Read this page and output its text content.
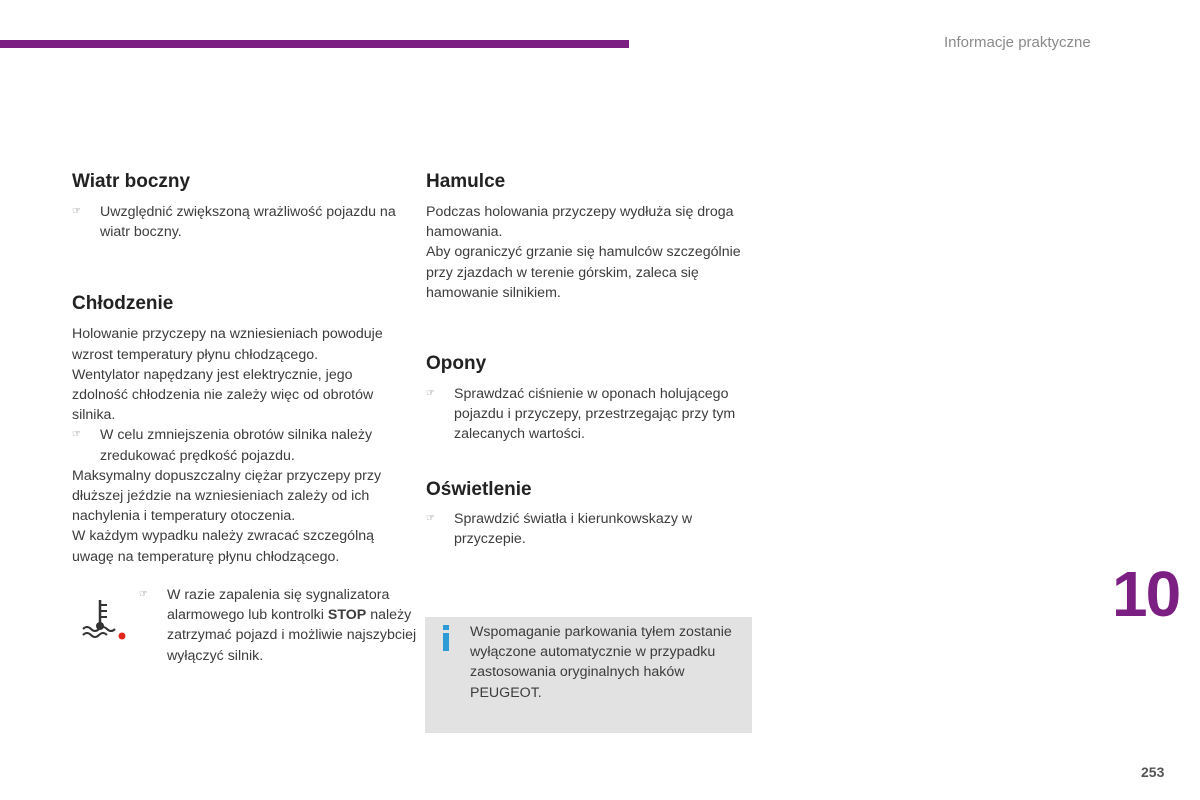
Informacje praktyczne
Wiatr boczny
☞ Uwzględnić zwiększoną wrażliwość pojazdu na wiatr boczny.
Chłodzenie

Holowanie przyczepy na wzniesieniach powoduje wzrost temperatury płynu chłodzącego.

Wentylator napędzany jest elektrycznie, jego zdolność chłodzenia nie zależy więc od obrotów silnika.

☞ W celu zmniejszenia obrotów silnika należy zredukować prędkość pojazdu.

Maksymalny dopuszczalny ciężar przyczepy przy dłuższej jeździe na wzniesieniach zależy od ich nachylenia i temperatury otoczenia.

W każdym wypadku należy zwracać szczególną uwagę na temperaturę płynu chłodzącego.

☞ W razie zapalenia się sygnalizatora alarmowego lub kontrolki STOP należy zatrzymać pojazd i możliwie najszybciej wyłączyć silnik.
Hamulce

Podczas holowania przyczepy wydłuża się droga hamowania.

Aby ograniczyć grzanie się hamulców szczególnie przy zjazdach w terenie górskim, zaleca się hamowanie silnikiem.

Opony
☞ Sprawdzać ciśnienie w oponach holującego pojazdu i przyczepy, przestrzegając przy tym zalecanych wartości.
Oświetlenie
☞ Sprawdzić światła i kierunkowskazy w przyczepie.
Wspomaganie parkowania tyłem zostanie wyłączone automatycznie w przypadku zastosowania oryginalnych haków PEUGEOT.
10
253
